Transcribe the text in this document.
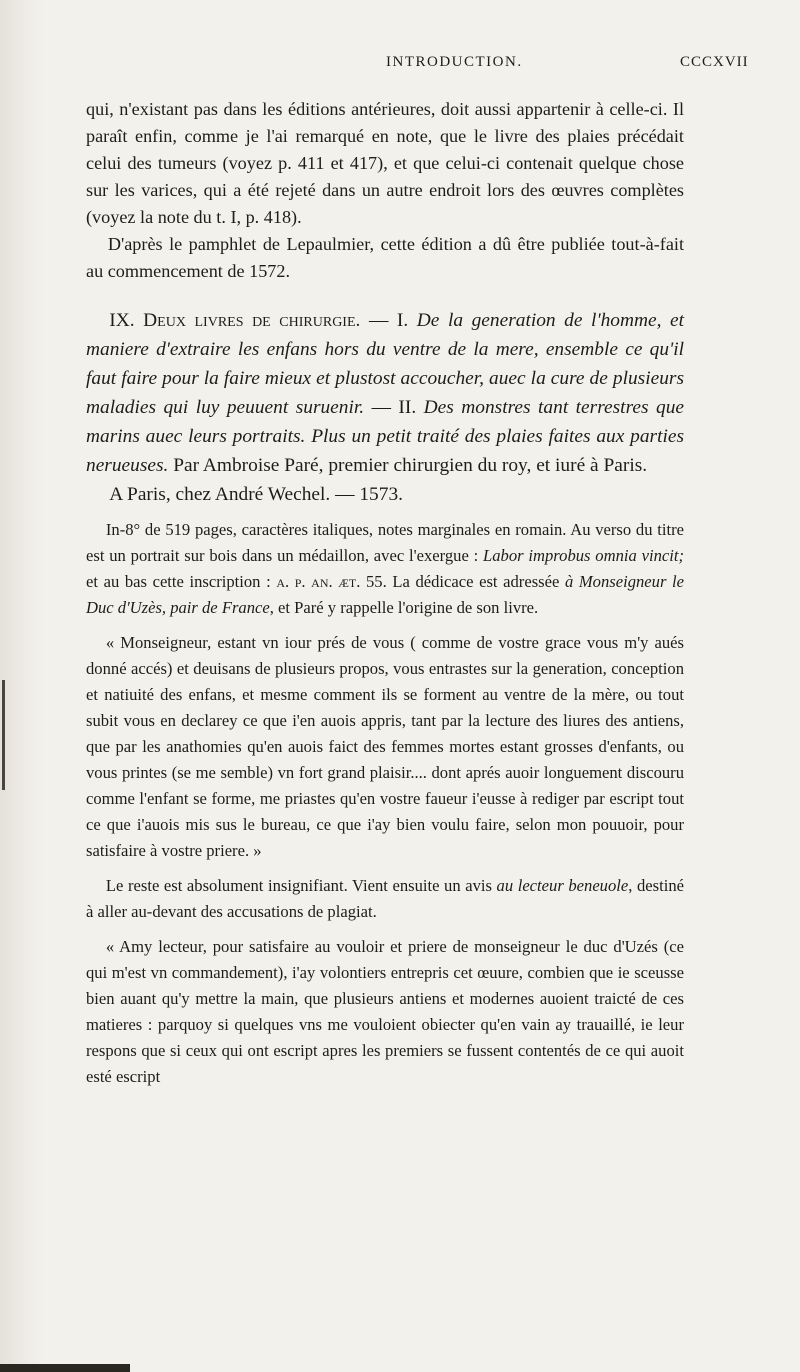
INTRODUCTION.	CCCXVII

qui, n'existant pas dans les éditions antérieures, doit aussi appartenir à celle-ci. Il paraît enfin, comme je l'ai remarqué en note, que le livre des plaies précédait celui des tumeurs (voyez p. 411 et 417), et que celui-ci contenait quelque chose sur les varices, qui a été rejeté dans un autre endroit lors des œuvres complètes (voyez la note du t. I, p. 418).

D'après le pamphlet de Lepaulmier, cette édition a dû être publiée tout-à-fait au commencement de 1572.

IX. Deux livres de chirurgie. — I. De la generation de l'homme, et maniere d'extraire les enfans hors du ventre de la mere, ensemble ce qu'il faut faire pour la faire mieux et plustost accoucher, auec la cure de plusieurs maladies qui luy peuuent suruenir. — II. Des monstres tant terrestres que marins auec leurs portraits. Plus un petit traité des plaies faites aux parties nerueuses. Par Ambroise Paré, premier chirurgien du roy, et iuré à Paris.

A Paris, chez André Wechel. — 1573.

In-8° de 519 pages, caractères italiques, notes marginales en romain. Au verso du titre est un portrait sur bois dans un médaillon, avec l'exergue : Labor improbus omnia vincit; et au bas cette inscription : a. p. an. æt. 55. La dédicace est adressée à Monseigneur le Duc d'Uzès, pair de France, et Paré y rappelle l'origine de son livre.

« Monseigneur, estant vn iour prés de vous ( comme de vostre grace vous m'y aués donné accés) et deuisans de plusieurs propos, vous entrastes sur la generation, conception et natiuité des enfans, et mesme comment ils se forment au ventre de la mère, ou tout subit vous en declarey ce que i'en auois appris, tant par la lecture des liures des antiens, que par les anathomies qu'en auois faict des femmes mortes estant grosses d'enfants, ou vous printes (se me semble) vn fort grand plaisir.... dont aprés auoir longuement discouru comme l'enfant se forme, me priastes qu'en vostre faueur i'eusse à rediger par escript tout ce que i'auois mis sus le bureau, ce que i'ay bien voulu faire, selon mon pouuoir, pour satisfaire à vostre priere. »

Le reste est absolument insignifiant. Vient ensuite un avis au lecteur beneuole, destiné à aller au-devant des accusations de plagiat.

« Amy lecteur, pour satisfaire au vouloir et priere de monseigneur le duc d'Uzés (ce qui m'est vn commandement), i'ay volontiers entrepris cet œuure, combien que ie sceusse bien auant qu'y mettre la main, que plusieurs antiens et modernes auoient traicté de ces matieres : parquoy si quelques vns me vouloient obiecter qu'en vain ay trauaillé, ie leur respons que si ceux qui ont escript apres les premiers se fussent contentés de ce qui auoit esté escript
